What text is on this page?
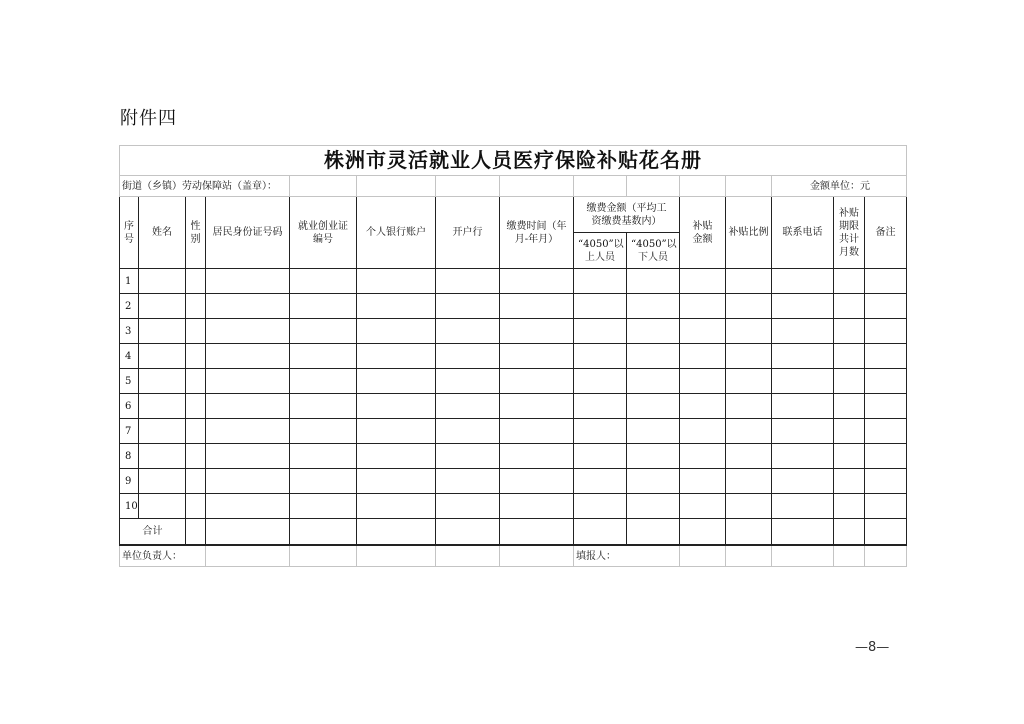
附件四
株洲市灵活就业人员医疗保险补贴花名册														
街道（乡镇）劳动保障站（盖章）：												金额单位：元		
序号	姓名	性别	居民身份证号码	就业创业证编号	个人银行账户	开户行	缴费时间（年月-年月）	缴费金额（平均工资缴费基数内）		补贴金额	补贴比例	联系电话	补贴期限共计月数	备注
								“4050”以上人员	“4050”以下人员					
1														
2														
3														
4														
5														
6														
7														
8														
9														
10														
合计														
单位负责人：								填报人：						
—8—
